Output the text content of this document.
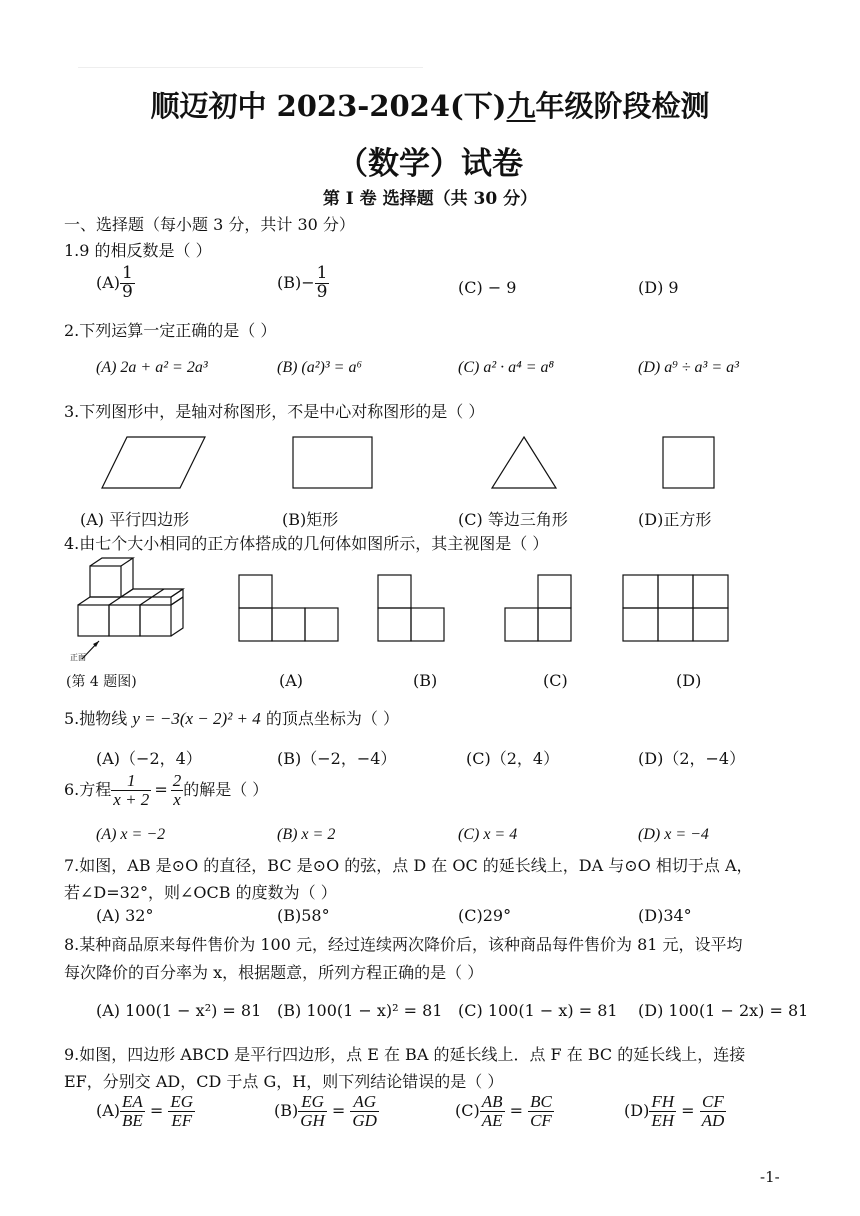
顺迈初中 2023-2024(下)九年级阶段检测
（数学）试卷
第 I 卷 选择题（共 30 分）
一、选择题（每小题 3 分，共计 30 分）
1.9 的相反数是（ ）
$(A) \frac{1}{9}$	$(B)- \frac{1}{9}$	(C) − 9	(D) 9
2.下列运算一定正确的是（ ）
(A) 2a + a² = 2a³	(B) (a²)³ = a⁶	(C) a² · a⁴ = a⁸	(D) a⁹ ÷ a³ = a³
3.下列图形中，是轴对称图形，不是中心对称图形的是（ ）
(A) 平行四边形	(B)矩形	(C) 等边三角形	(D)正方形
4.由七个大小相同的正方体搭成的几何体如图所示，其主视图是（ ）
正面
(第 4 题图)	(A)	(B)	(C)	(D)
5.抛物线 y = −3(x − 2)² + 4 的顶点坐标为（ ）
(A)（−2，4）	(B)（−2，−4）	(C)（2，4）	(D)（2，−4）
6.方程 $\frac{1}{x + 2} = \frac{2}{x}$ 的解是（ ）
(A) x = −2	(B) x = 2	(C) x = 4	(D) x = −4
7.如图，AB 是⊙O 的直径，BC 是⊙O 的弦，点 D 在 OC 的延长线上，DA 与⊙O 相切于点 A，
若∠D=32°，则∠OCB 的度数为（ ）
(A) 32°	(B)58°	(C)29°	(D)34°
8.某种商品原来每件售价为 100 元，经过连续两次降价后，该种商品每件售价为 81 元，设平均
每次降价的百分率为 x，根据题意，所列方程正确的是（ ）
(A) 100(1 − x²) = 81 (B) 100(1 − x)² = 81 (C) 100(1 − x) = 81 (D) 100(1 − 2x) = 81
9.如图，四边形 ABCD 是平行四边形，点 E 在 BA 的延长线上．点 F 在 BC 的延长线上，连接
EF，分别交 AD，CD 于点 G，H，则下列结论错误的是（ ）
$(A) \frac{EA}{BE} = \frac{EG}{EF}$	$(B) \frac{EG}{GH} = \frac{AG}{GD}$	$(C) \frac{AB}{AE} = \frac{BC}{CF}$	$(D) \frac{FH}{EH} = \frac{CF}{AD}$
-1-
